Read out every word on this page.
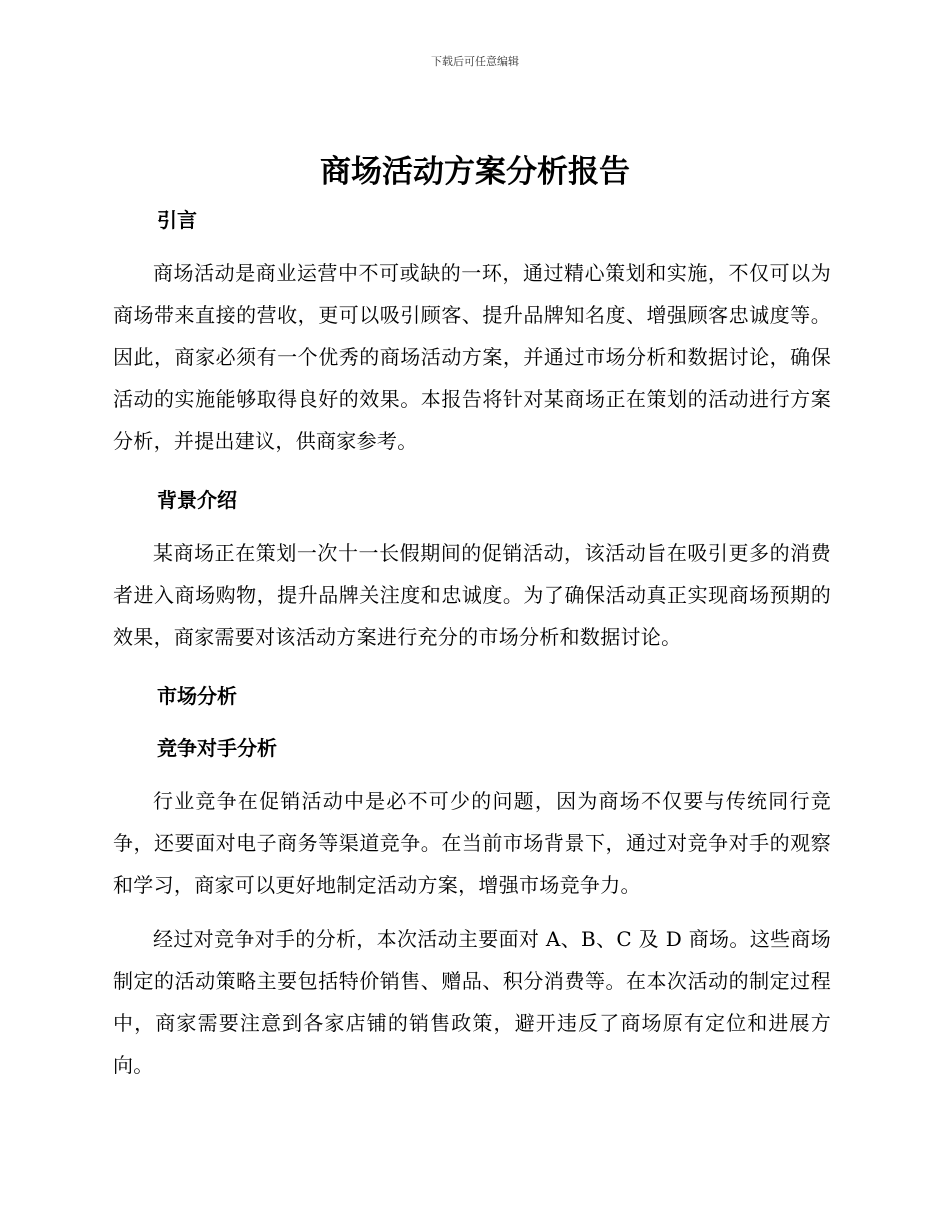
下载后可任意编辑
商场活动方案分析报告
引言

商场活动是商业运营中不可或缺的一环，通过精心策划和实施，不仅可以为商场带来直接的营收，更可以吸引顾客、提升品牌知名度、增强顾客忠诚度等。因此，商家必须有一个优秀的商场活动方案，并通过市场分析和数据讨论，确保活动的实施能够取得良好的效果。本报告将针对某商场正在策划的活动进行方案分析，并提出建议，供商家参考。

背景介绍

某商场正在策划一次十一长假期间的促销活动，该活动旨在吸引更多的消费者进入商场购物，提升品牌关注度和忠诚度。为了确保活动真正实现商场预期的效果，商家需要对该活动方案进行充分的市场分析和数据讨论。

市场分析
竞争对手分析

行业竞争在促销活动中是必不可少的问题，因为商场不仅要与传统同行竞争，还要面对电子商务等渠道竞争。在当前市场背景下，通过对竞争对手的观察和学习，商家可以更好地制定活动方案，增强市场竞争力。

经过对竞争对手的分析，本次活动主要面对 A、B、C 及 D 商场。这些商场制定的活动策略主要包括特价销售、赠品、积分消费等。在本次活动的制定过程中，商家需要注意到各家店铺的销售政策，避开违反了商场原有定位和进展方向。
